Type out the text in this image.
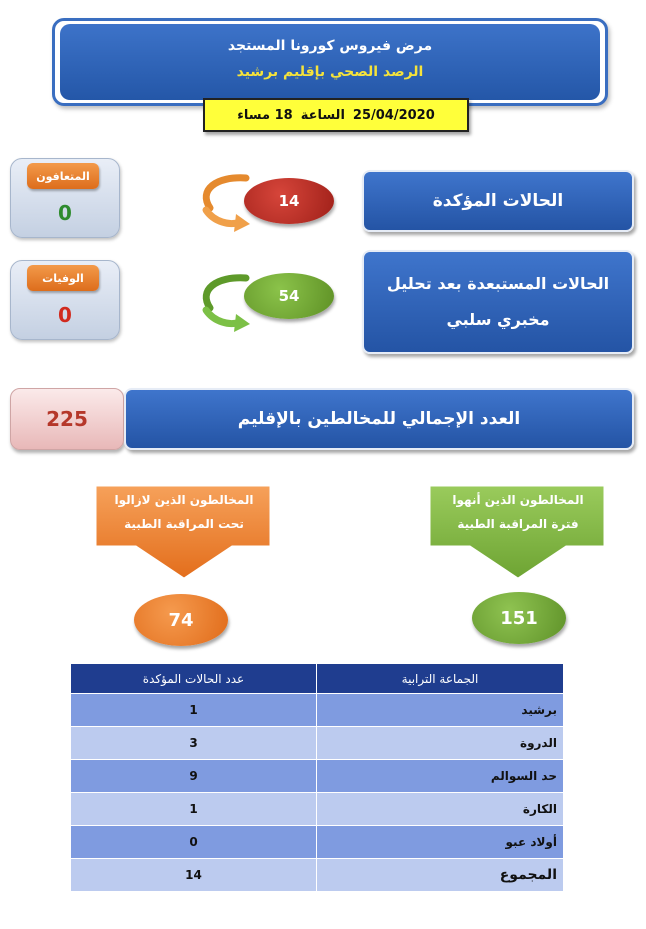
مرض فيروس كورونا المستجد
الرصد الصحي بإقليم برشيد
25/04/2020
الساعة
18 مساء
المتعافون
0
الوفيات
0
14	الحالات المؤكدة
54
الحالات المستبعدة بعد تحليل
مخبري سلبي
225	العدد الإجمالي للمخالطين بالإقليم
المخالطون الذين لازالوا
تحت المراقبة الطبية
المخالطون الذين أنهوا
فترة المراقبة الطبية
74	151
الجماعة الترابية	عدد الحالات المؤكدة
برشيد	1
الدروة	3
حد السوالم	9
الكارة	1
أولاد عبو	0
المجموع	14
